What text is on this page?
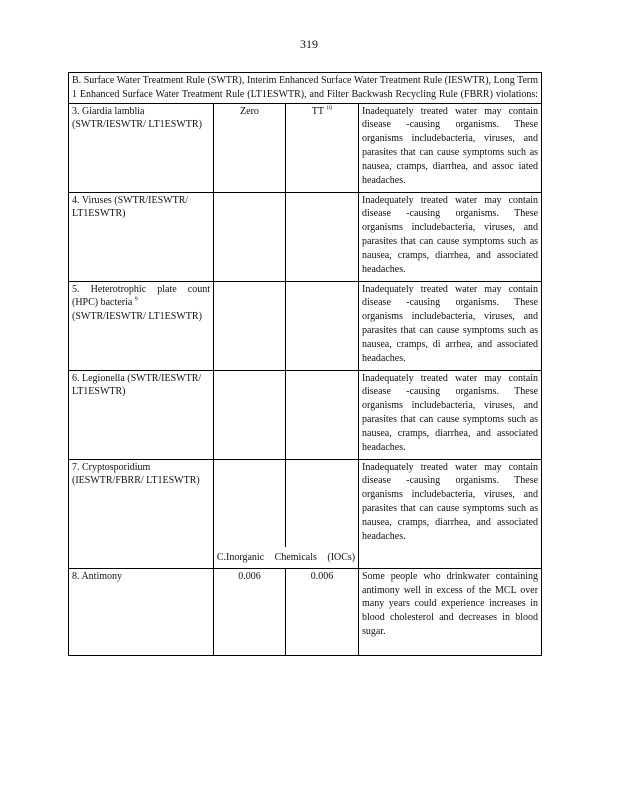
319
B. Surface Water Treatment Rule (SWTR), Interim Enhanced Surface Water Treatment Rule (IESWTR), Long Term 1 Enhanced Surface Water Treatment Rule (LT1ESWTR), and Filter Backwash Recycling Rule (FBRR) violations:			

3. Giardia lamblia (SWTR/IESWTR/ LT1ESWTR)	Zero	TT $^{10}$	Inadequately treated water may contain disease -causing organisms. These organisms includebacteria, viruses, and parasites that can cause symptoms such as nausea, cramps, diarrhea, and assoc iated headaches.
4. Viruses (SWTR/IESWTR/ LT1ESWTR)			Inadequately treated water may contain disease -causing organisms. These organisms includebacteria, viruses, and parasites that can cause symptoms such as nausea, cramps, diarrhea, and associated headaches.
5. Heterotrophic plate count (HPC) bacteria $^9$
(SWTR/IESWTR/ LT1ESWTR)			Inadequately treated water may contain disease -causing organisms. These organisms includebacteria, viruses, and parasites that can cause symptoms such as nausea, cramps, di arrhea, and associated headaches.
6. Legionella (SWTR/IESWTR/ LT1ESWTR)			Inadequately treated water may contain disease -causing organisms. These organisms includebacteria, viruses, and parasites that can cause symptoms such as nausea, cramps, diarrhea, and associated headaches.
7. Cryptosporidium (IESWTR/FBRR/ LT1ESWTR)			Inadequately treated water may contain disease -causing organisms. These organisms includebacteria, viruses, and parasites that can cause symptoms such as nausea, cramps, diarrhea, and associated headaches.
	C.Inorganic Chemicals (IOCs)		
8. Antimony	0.006	0.006	Some people who drinkwater containing antimony well in excess of the MCL over many years could experience increases in blood cholesterol and decreases in blood sugar.
